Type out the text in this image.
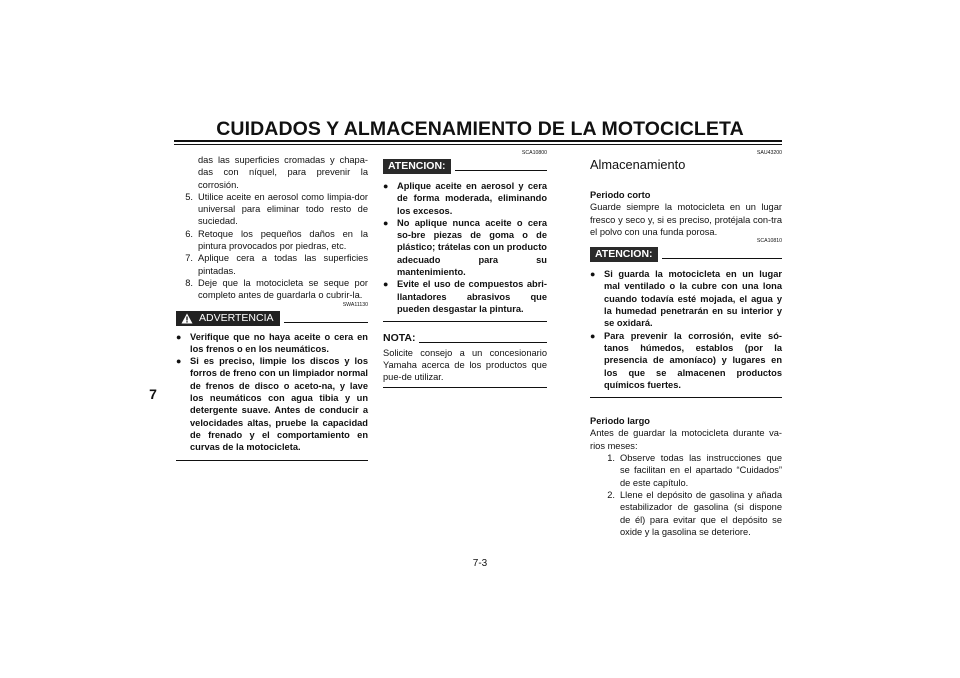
CUIDADOS Y ALMACENAMIENTO DE LA MOTOCICLETA
7
das las superficies cromadas y chapa-das con níquel, para prevenir la corrosión.
5. Utilice aceite en aerosol como limpia-dor universal para eliminar todo resto de suciedad.
6. Retoque los pequeños daños en la pintura provocados por piedras, etc.
7. Aplique cera a todas las superficies pintadas.
8. Deje que la motocicleta se seque por completo antes de guardarla o cubrir-la.
SWA11130
ADVERTENCIA
● Verifique que no haya aceite o cera en los frenos o en los neumáticos.
● Si es preciso, limpie los discos y los forros de freno con un limpiador normal de frenos de disco o aceto-na, y lave los neumáticos con agua tibia y un detergente suave. Antes de conducir a velocidades altas, pruebe la capacidad de frenado y el comportamiento en curvas de la motocicleta.
SCA10800
ATENCION:
● Aplique aceite en aerosol y cera de forma moderada, eliminando los excesos.
● No aplique nunca aceite o cera so-bre piezas de goma o de plástico; trátelas con un producto adecuado para su mantenimiento.
● Evite el uso de compuestos abri-llantadores abrasivos que pueden desgastar la pintura.
NOTA:
Solicite consejo a un concesionario Yamaha acerca de los productos que pue-de utilizar.
SAU43200
Almacenamiento
Periodo corto
Guarde siempre la motocicleta en un lugar fresco y seco y, si es preciso, protéjala con-tra el polvo con una funda porosa.
SCA10810
ATENCION:
● Si guarda la motocicleta en un lugar mal ventilado o la cubre con una lona cuando todavía esté mojada, el agua y la humedad penetrarán en su interior y se oxidará.
● Para prevenir la corrosión, evite só-tanos húmedos, establos (por la presencia de amoníaco) y lugares en los que se almacenen productos químicos fuertes.
Periodo largo
Antes de guardar la motocicleta durante va-rios meses:
1. Observe todas las instrucciones que se facilitan en el apartado “Cuidados” de este capítulo.
2. Llene el depósito de gasolina y añada estabilizador de gasolina (si dispone de él) para evitar que el depósito se oxide y la gasolina se deteriore.
7-3
